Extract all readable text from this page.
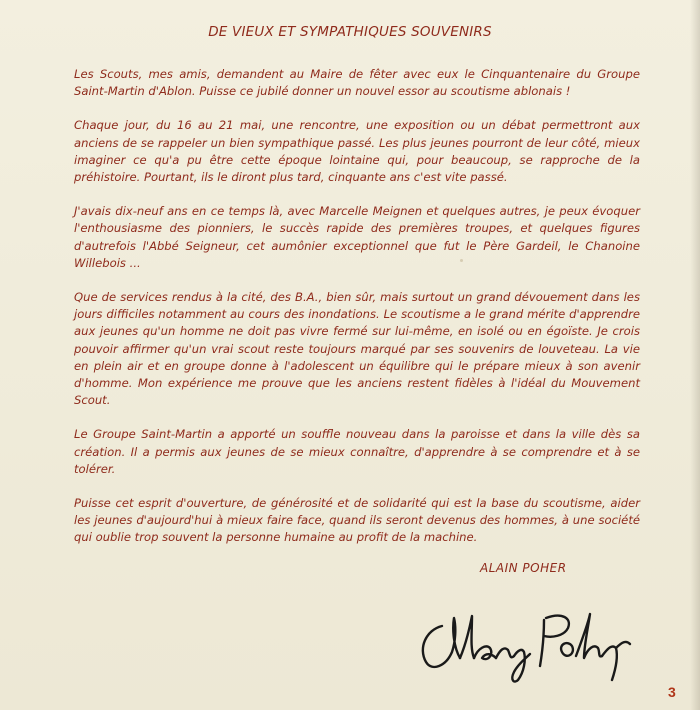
DE VIEUX ET SYMPATHIQUES SOUVENIRS

Les Scouts, mes amis, demandent au Maire de fêter avec eux le Cinquantenaire du Groupe Saint-Martin d'Ablon. Puisse ce jubilé donner un nouvel essor au scoutisme ablonais !

Chaque jour, du 16 au 21 mai, une rencontre, une exposition ou un débat permettront aux anciens de se rappeler un bien sympathique passé. Les plus jeunes pourront de leur côté, mieux imaginer ce qu'a pu être cette époque lointaine qui, pour beaucoup, se rapproche de la préhistoire. Pourtant, ils le diront plus tard, cinquante ans c'est vite passé.

J'avais dix-neuf ans en ce temps là, avec Marcelle Meignen et quelques autres, je peux évoquer l'enthousiasme des pionniers, le succès rapide des premières troupes, et quelques figures d'autrefois l'Abbé Seigneur, cet aumônier exceptionnel que fut le Père Gardeil, le Chanoine Willebois ...

Que de services rendus à la cité, des B.A., bien sûr, mais surtout un grand dévouement dans les jours difficiles notamment au cours des inondations. Le scoutisme a le grand mérite d'apprendre aux jeunes qu'un homme ne doit pas vivre fermé sur lui-même, en isolé ou en égoïste. Je crois pouvoir affirmer qu'un vrai scout reste toujours marqué par ses souvenirs de louveteau. La vie en plein air et en groupe donne à l'adolescent un équilibre qui le prépare mieux à son avenir d'homme. Mon expérience me prouve que les anciens restent fidèles à l'idéal du Mouvement Scout.

Le Groupe Saint-Martin a apporté un souffle nouveau dans la paroisse et dans la ville dès sa création. Il a permis aux jeunes de se mieux connaître, d'apprendre à se comprendre et à se tolérer.

Puisse cet esprit d'ouverture, de générosité et de solidarité qui est la base du scoutisme, aider les jeunes d'aujourd'hui à mieux faire face, quand ils seront devenus des hommes, à une société qui oublie trop souvent la personne humaine au profit de la machine.

ALAIN POHER
3
